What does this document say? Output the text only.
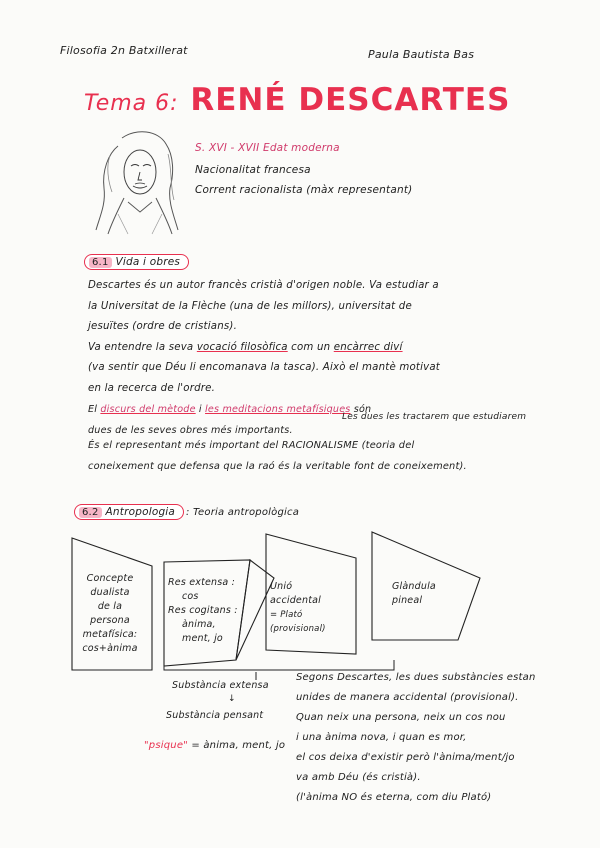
Filosofia 2n Batxillerat	Paula Bautista Bas
Tema 6: RENÉ DESCARTES
S. XVI - XVII Edat moderna
Nacionalitat francesa
Corrent racionalista (màx representant)
6.1 Vida i obres
Descartes és un autor francès cristià d'origen noble. Va estudiar a
la Universitat de la Flèche (una de les millors), universitat de
jesuïtes (ordre de cristians).
Va entendre la seva vocació filosòfica com un encàrrec diví
(va sentir que Déu li encomanava la tasca). Això el mantè motivat
en la recerca de l'ordre.
El discurs del mètode i les meditacions metafísiques són
dues de les seves obres més importants.
Les dues les tractarem que estudiarem
És el representant més important del RACIONALISME (teoria del
coneixement que defensa que la raó és la veritable font de coneixement).
6.2 Antropologia	: Teoria antropològica
Concepte
dualista
de la
persona
metafísica:
cos+ànima
Res extensa :
cos
Res cogitans :
ànima,
ment, jo
Unió
accidental
= Plató
(provisional)
Glàndula
pineal
Substància extensa
↓
Substància pensant
"psique" = ànima, ment, jo
Segons Descartes, les dues substàncies estan
unides de manera accidental (provisional).
Quan neix una persona, neix un cos nou
i una ànima nova, i quan es mor,
el cos deixa d'existir però l'ànima/ment/jo
va amb Déu (és cristià).
(l'ànima NO és eterna, com diu Plató)
